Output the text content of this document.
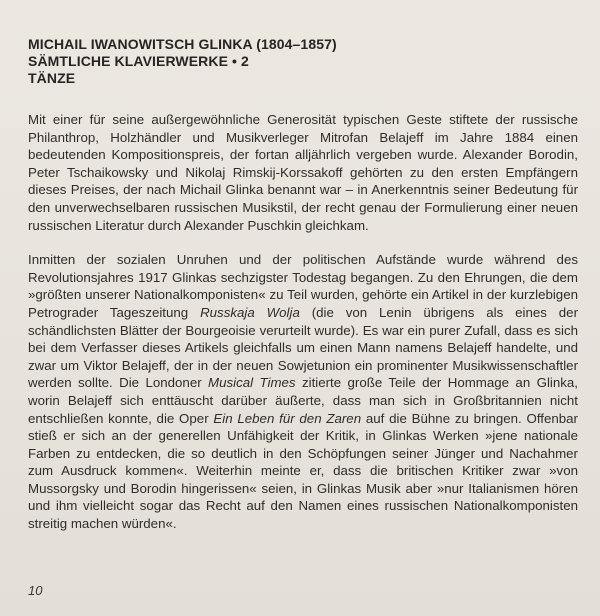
MICHAIL IWANOWITSCH GLINKA (1804–1857)
SÄMTLICHE KLAVIERWERKE • 2
TÄNZE

Mit einer für seine außergewöhnliche Generosität typischen Geste stiftete der russische Philanthrop, Holzhändler und Musikverleger Mitrofan Belajeff im Jahre 1884 einen bedeutenden Kompositionspreis, der fortan alljährlich vergeben wurde. Alexander Borodin, Peter Tschaikowsky und Nikolaj Rimskij-Korssakoff gehörten zu den ersten Empfängern dieses Preises, der nach Michail Glinka benannt war – in Anerkenntnis seiner Bedeutung für den unverwechselbaren russischen Musikstil, der recht genau der Formulierung einer neuen russischen Literatur durch Alexander Puschkin gleichkam.

Inmitten der sozialen Unruhen und der politischen Aufstände wurde während des Revolutionsjahres 1917 Glinkas sechzigster Todestag begangen. Zu den Ehrungen, die dem »größten unserer Nationalkomponisten« zu Teil wurden, gehörte ein Artikel in der kurzlebigen Petrograder Tageszeitung Russkaja Wolja (die von Lenin übrigens als eines der schändlichsten Blätter der Bourgeoisie verurteilt wurde). Es war ein purer Zufall, dass es sich bei dem Verfasser dieses Artikels gleichfalls um einen Mann namens Belajeff handelte, und zwar um Viktor Belajeff, der in der neuen Sowjetunion ein prominenter Musikwissenschaftler werden sollte. Die Londoner Musical Times zitierte große Teile der Hommage an Glinka, worin Belajeff sich enttäuscht darüber äußerte, dass man sich in Großbritannien nicht entschließen konnte, die Oper Ein Leben für den Zaren auf die Bühne zu bringen. Offenbar stieß er sich an der generellen Unfähigkeit der Kritik, in Glinkas Werken »jene nationale Farben zu entdecken, die so deutlich in den Schöpfungen seiner Jünger und Nachahmer zum Ausdruck kommen«. Weiterhin meinte er, dass die britischen Kritiker zwar »von Mussorgsky und Borodin hingerissen« seien, in Glinkas Musik aber »nur Italianismen hören und ihm vielleicht sogar das Recht auf den Namen eines russischen Nationalkomponisten streitig machen würden«.

10
